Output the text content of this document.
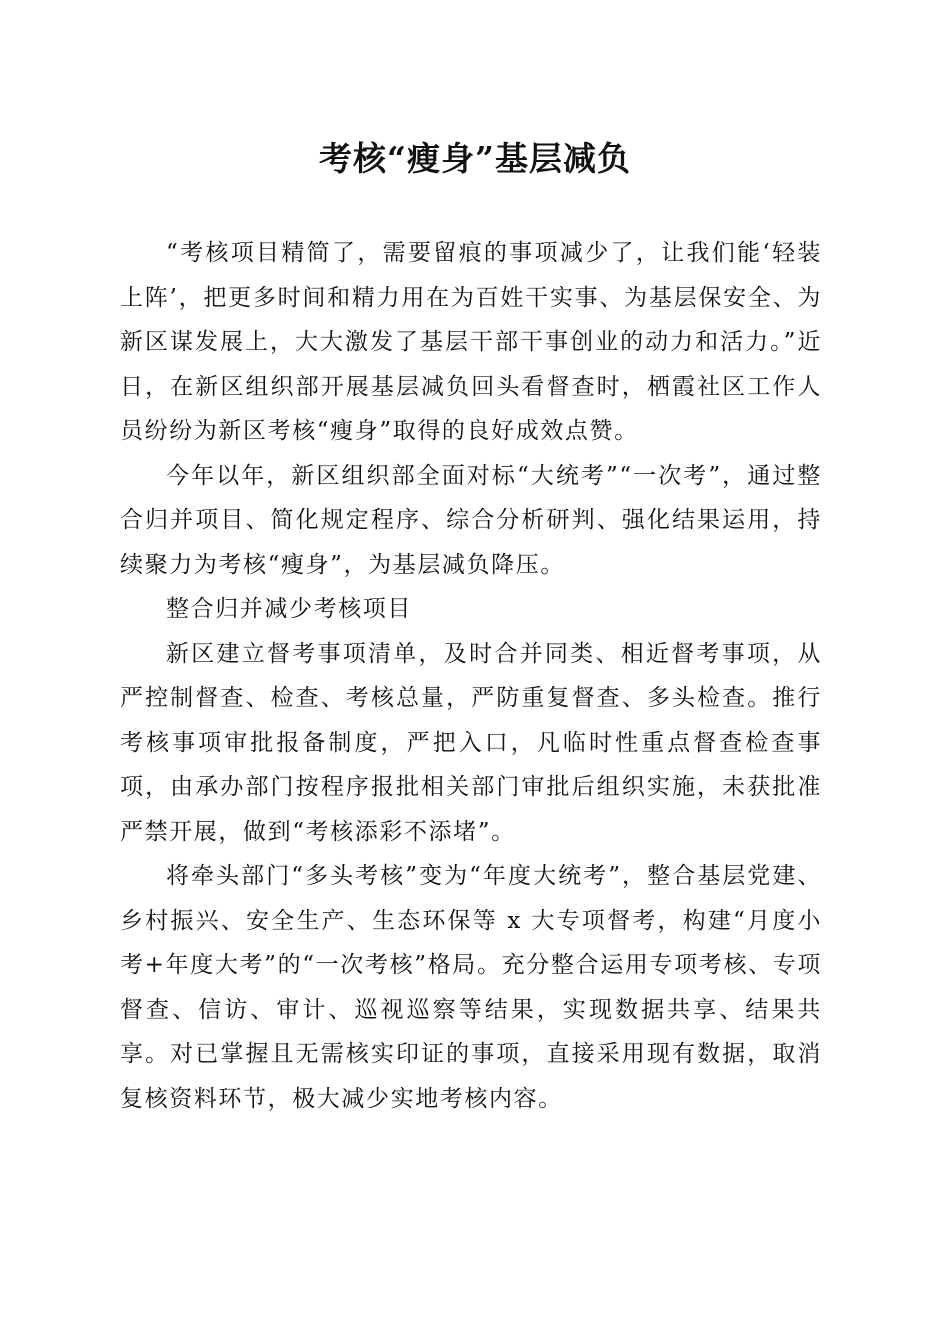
考核“瘦身”基层减负

“考核项目精简了，需要留痕的事项减少了，让我们能‘轻装上阵’，把更多时间和精力用在为百姓干实事、为基层保安全、为新区谋发展上，大大激发了基层干部干事创业的动力和活力。”近日，在新区组织部开展基层减负回头看督查时，栖霞社区工作人员纷纷为新区考核“瘦身”取得的良好成效点赞。

今年以年，新区组织部全面对标“大统考”“一次考”，通过整合归并项目、简化规定程序、综合分析研判、强化结果运用，持续聚力为考核“瘦身”，为基层减负降压。

整合归并减少考核项目

新区建立督考事项清单，及时合并同类、相近督考事项，从严控制督查、检查、考核总量，严防重复督查、多头检查。推行考核事项审批报备制度，严把入口，凡临时性重点督查检查事项，由承办部门按程序报批相关部门审批后组织实施，未获批准严禁开展，做到“考核添彩不添堵”。

将牵头部门“多头考核”变为“年度大统考”，整合基层党建、乡村振兴、安全生产、生态环保等 x 大专项督考，构建“月度小考+年度大考”的“一次考核”格局。充分整合运用专项考核、专项督查、信访、审计、巡视巡察等结果，实现数据共享、结果共享。对已掌握且无需核实印证的事项，直接采用现有数据，取消复核资料环节，极大减少实地考核内容。
